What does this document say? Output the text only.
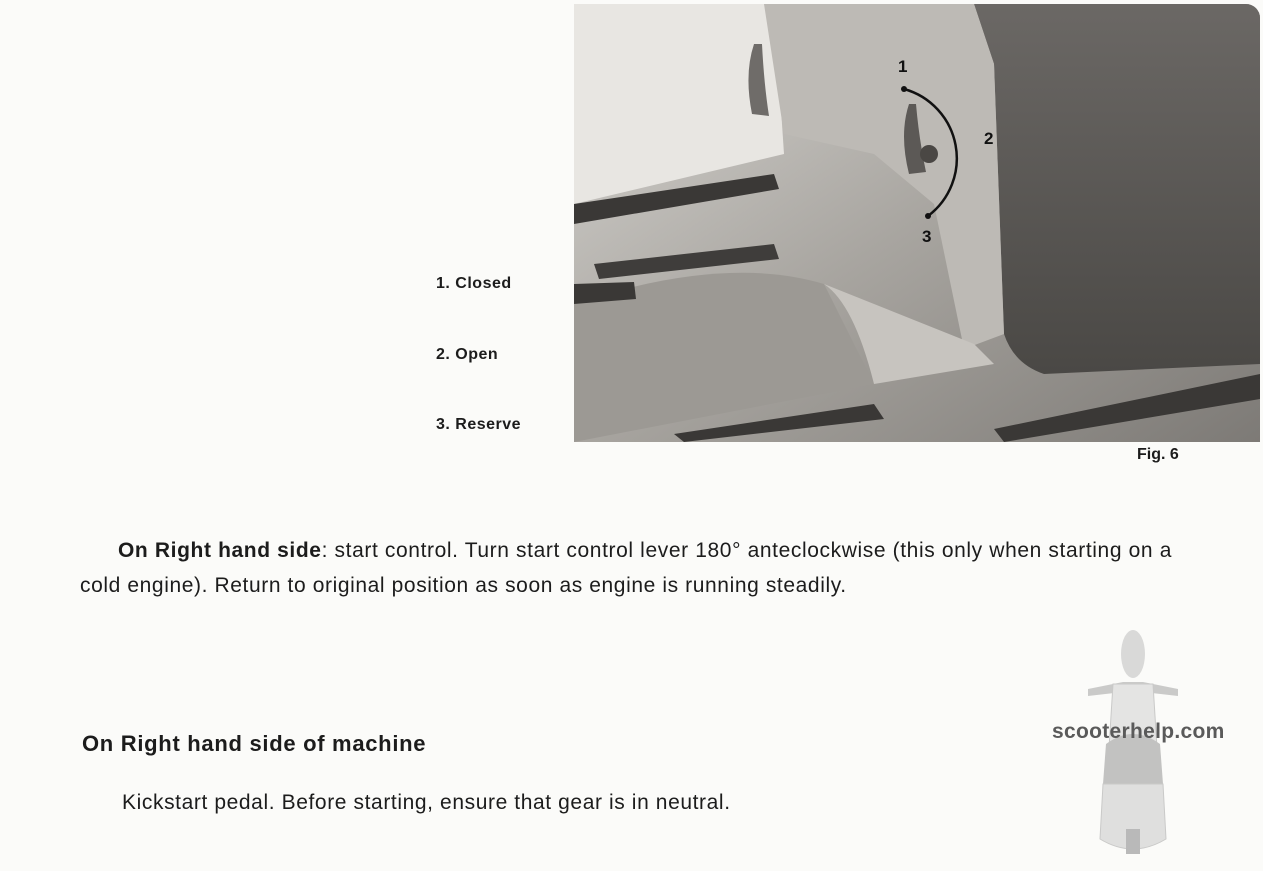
1
2
3
1. Closed
2. Open
3. Reserve
Fig. 6

On Right hand side: start control. Turn start control lever 180° anteclockwise (this only when starting on a cold engine). Return to original position as soon as engine is running steadily.

On Right hand side of machine

Kickstart pedal. Before starting, ensure that gear is in neutral.

scooterhelp.com
